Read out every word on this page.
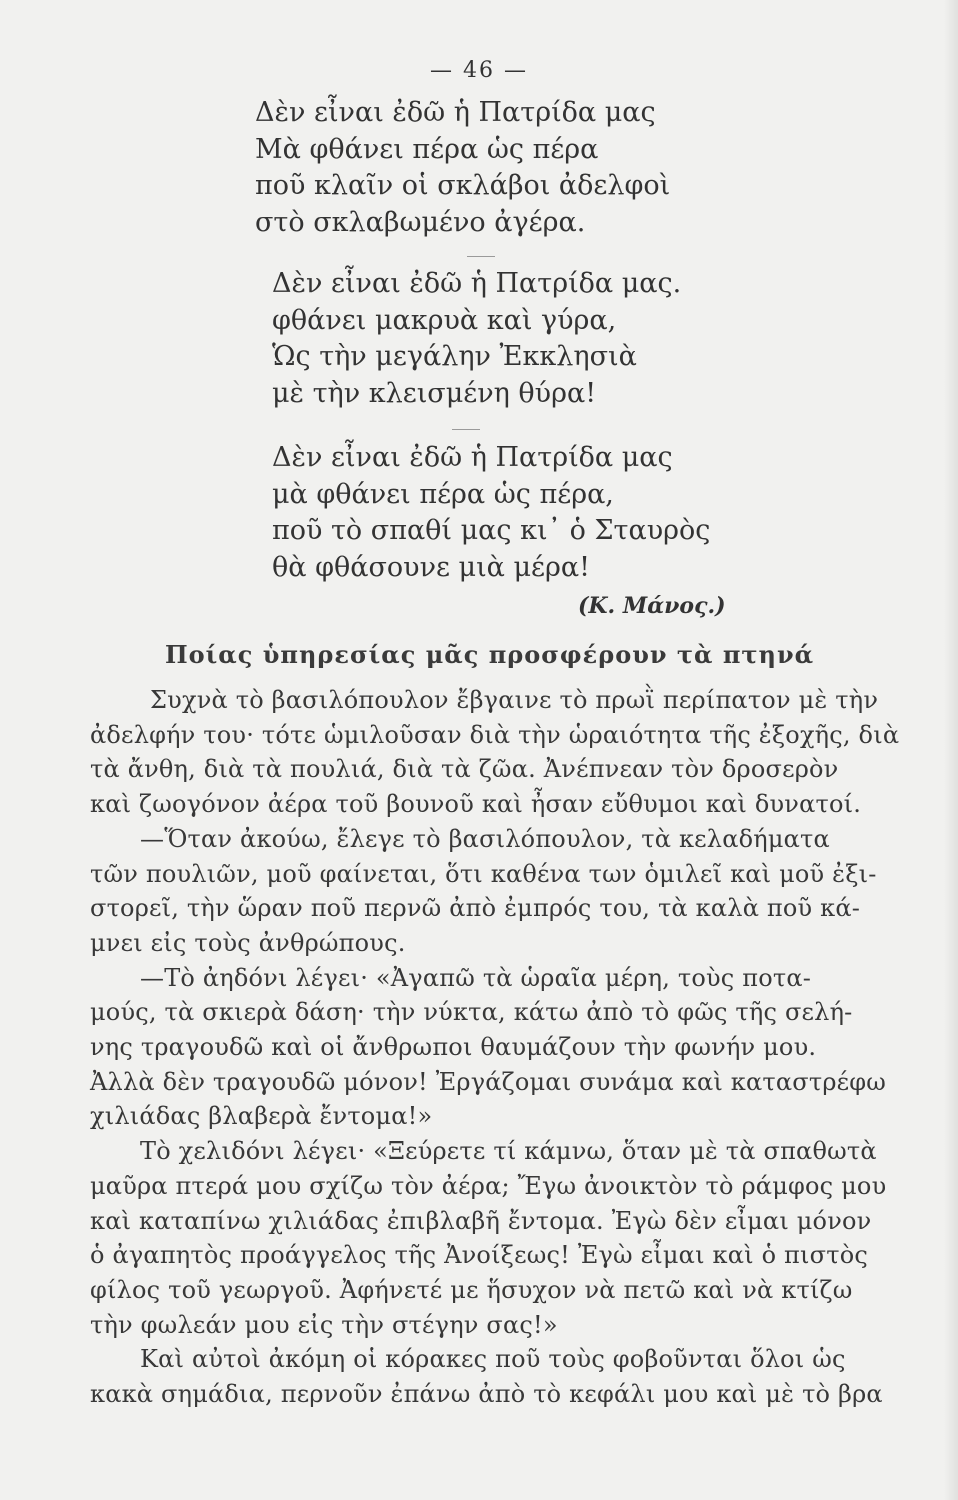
— 46 —
Δὲν εἶναι ἐδῶ ἡ Πατρίδα μας
Μὰ φθάνει πέρα ὡς πέρα
ποῦ κλαῖν οἱ σκλάβοι ἀδελφοὶ
στὸ σκλαβωμένο ἀγέρα.
Δὲν εἶναι ἐδῶ ἡ Πατρίδα μας.
φθάνει μακρυὰ καὶ γύρα,
Ὡς τὴν μεγάλην Ἐκκλησιὰ
μὲ τὴν κλεισμένη θύρα!
Δὲν εἶναι ἐδῶ ἡ Πατρίδα μας
μὰ φθάνει πέρα ὡς πέρα,
ποῦ τὸ σπαθί μας κι᾽ ὁ Σταυρὸς
θὰ φθάσουνε μιὰ μέρα!
(Κ. Μάνος.)
Ποίας ὑπηρεσίας μᾶς προσφέρουν τὰ πτηνά
Συχνὰ τὸ βασιλόπουλον ἔβγαινε τὸ πρωῒ περίπατον μὲ τὴν
ἀδελφήν του· τότε ὡμιλοῦσαν διὰ τὴν ὡραιότητα τῆς ἐξοχῆς, διὰ
τὰ ἄνθη, διὰ τὰ πουλιά, διὰ τὰ ζῶα. Ἀνέπνεαν τὸν δροσερὸν
καὶ ζωογόνον ἀέρα τοῦ βουνοῦ καὶ ἦσαν εὔθυμοι καὶ δυνατοί.
—Ὅταν ἀκούω, ἔλεγε τὸ βασιλόπουλον, τὰ κελαδήματα
τῶν πουλιῶν, μοῦ φαίνεται, ὅτι καθένα των ὁμιλεῖ καὶ μοῦ ἐξι-
στορεῖ, τὴν ὥραν ποῦ περνῶ ἀπὸ ἐμπρός του, τὰ καλὰ ποῦ κά-
μνει εἰς τοὺς ἀνθρώπους.
—Τὸ ἀηδόνι λέγει· «Ἀγαπῶ τὰ ὡραῖα μέρη, τοὺς ποτα-
μούς, τὰ σκιερὰ δάση· τὴν νύκτα, κάτω ἀπὸ τὸ φῶς τῆς σελή-
νης τραγουδῶ καὶ οἱ ἄνθρωποι θαυμάζουν τὴν φωνήν μου.
Ἀλλὰ δὲν τραγουδῶ μόνον! Ἐργάζομαι συνάμα καὶ καταστρέφω
χιλιάδας βλαβερὰ ἔντομα!»
Τὸ χελιδόνι λέγει· «Ξεύρετε τί κάμνω, ὅταν μὲ τὰ σπαθωτὰ
μαῦρα πτερά μου σχίζω τὸν ἀέρα; Ἔγω ἀνοικτὸν τὸ ράμφος μου
καὶ καταπίνω χιλιάδας ἐπιβλαβῆ ἔντομα. Ἐγὼ δὲν εἶμαι μόνον
ὁ ἀγαπητὸς προάγγελος τῆς Ἀνοίξεως! Ἐγὼ εἶμαι καὶ ὁ πιστὸς
φίλος τοῦ γεωργοῦ. Ἀφήνετέ με ἥσυχον νὰ πετῶ καὶ νὰ κτίζω
τὴν φωλεάν μου εἰς τὴν στέγην σας!»
Καὶ αὐτοὶ ἀκόμη οἱ κόρακες ποῦ τοὺς φοβοῦνται ὅλοι ὡς
κακὰ σημάδια, περνοῦν ἐπάνω ἀπὸ τὸ κεφάλι μου καὶ μὲ τὸ βρα
